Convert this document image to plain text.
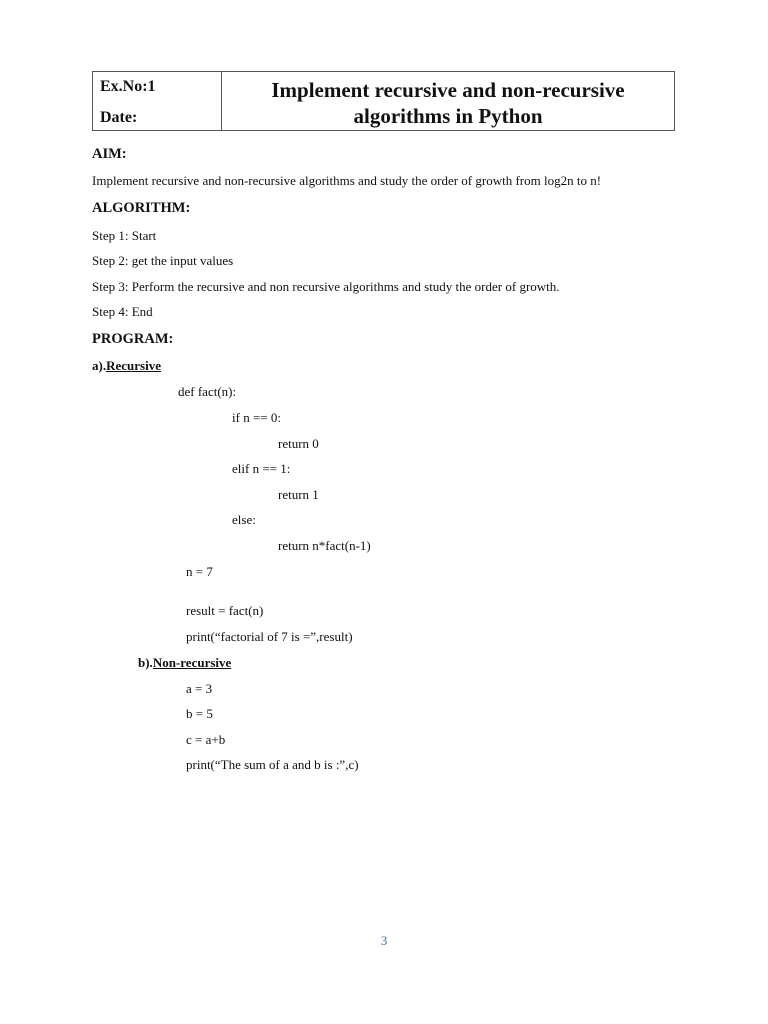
Ex.No:1
Date:
Implement recursive and non-recursive
algorithms in Python
AIM:
Implement recursive and non-recursive algorithms and study the order of growth from log2n to n!
ALGORITHM:
Step 1: Start
Step 2: get the input values
Step 3: Perform the recursive and non recursive algorithms and study the order of growth.
Step 4: End
PROGRAM:
a).Recursive
def fact(n):
if n == 0:
return 0
elif n == 1:
return 1
else:
return n*fact(n-1)
n = 7
result = fact(n)
print(“factorial of 7 is =”,result)
b).Non-recursive
a = 3
b = 5
c = a+b
print(“The sum of a and b is :”,c)
3
